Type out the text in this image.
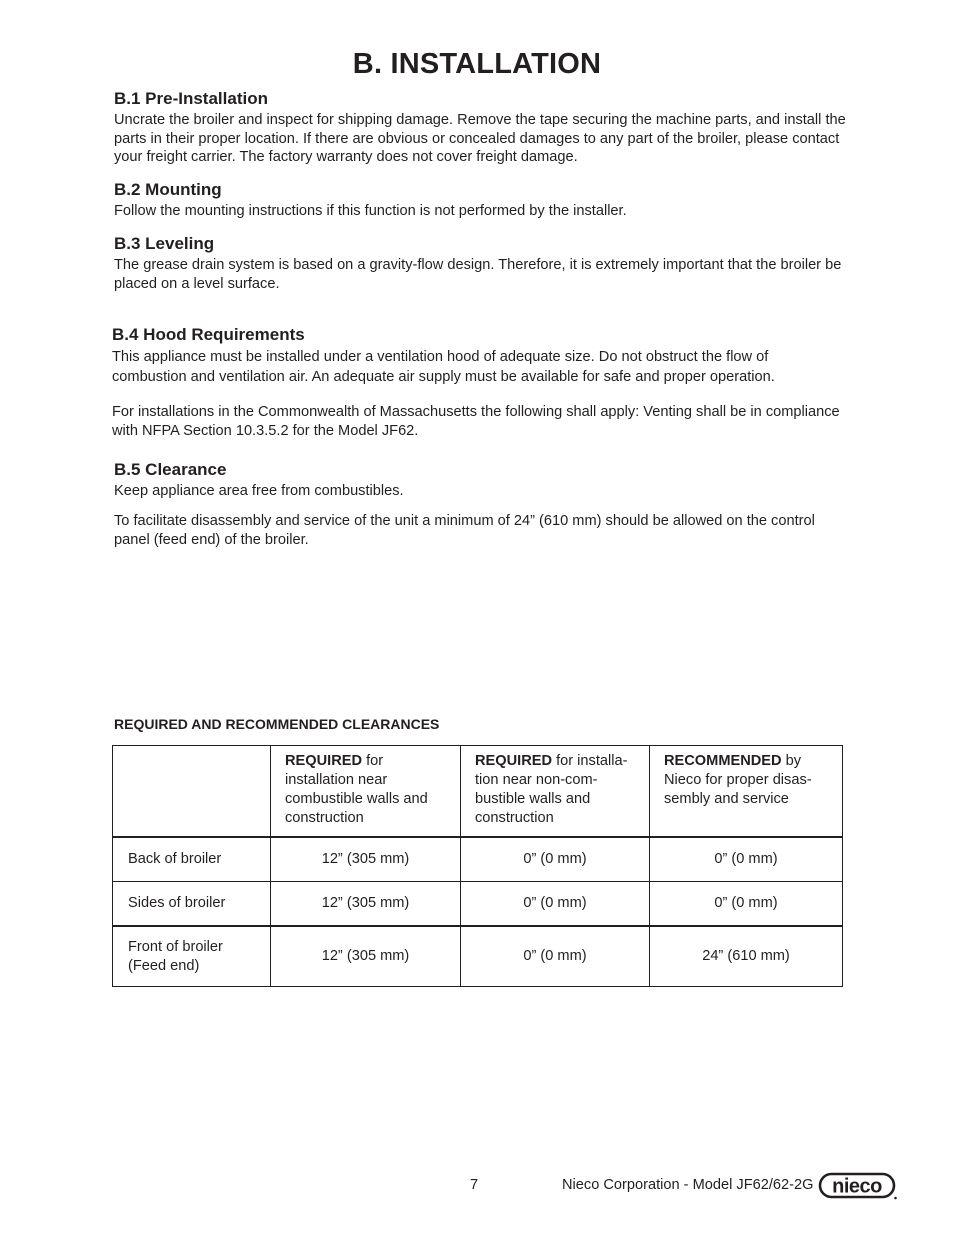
B. INSTALLATION
B.1 Pre-Installation
Uncrate the broiler and inspect for shipping damage. Remove the tape securing the machine parts, and install the parts in their proper location. If there are obvious or concealed damages to any part of the broiler, please contact your freight carrier. The factory warranty does not cover freight damage.
B.2 Mounting
Follow the mounting instructions if this function is not performed by the installer.
B.3 Leveling
The grease drain system is based on a gravity-flow design. Therefore, it is extremely important that the broiler be placed on a level surface.
B.4 Hood Requirements
This appliance must be installed under a ventilation hood of adequate size. Do not obstruct the flow of combustion and ventilation air. An adequate air supply must be available for safe and proper operation.
For installations in the Commonwealth of Massachusetts the following shall apply: Venting shall be in compliance with NFPA Section 10.3.5.2 for the Model JF62.
B.5 Clearance
Keep appliance area free from combustibles.
To facilitate disassembly and service of the unit a minimum of 24” (610 mm) should be allowed on the control panel (feed end) of the broiler.
REQUIRED AND RECOMMENDED CLEARANCES
	REQUIRED for installation near combustible walls and construction	REQUIRED for installa-tion near non-com-bustible walls and construction	RECOMMENDED by Nieco for proper disas-sembly and service
Back of broiler	12” (305 mm)	0” (0 mm)	0” (0 mm)
Sides of broiler	12” (305 mm)	0” (0 mm)	0” (0 mm)
Front of broiler (Feed end)	12” (305 mm)	0” (0 mm)	24” (610 mm)
7	Nieco Corporation - Model JF62/62-2G nieco
